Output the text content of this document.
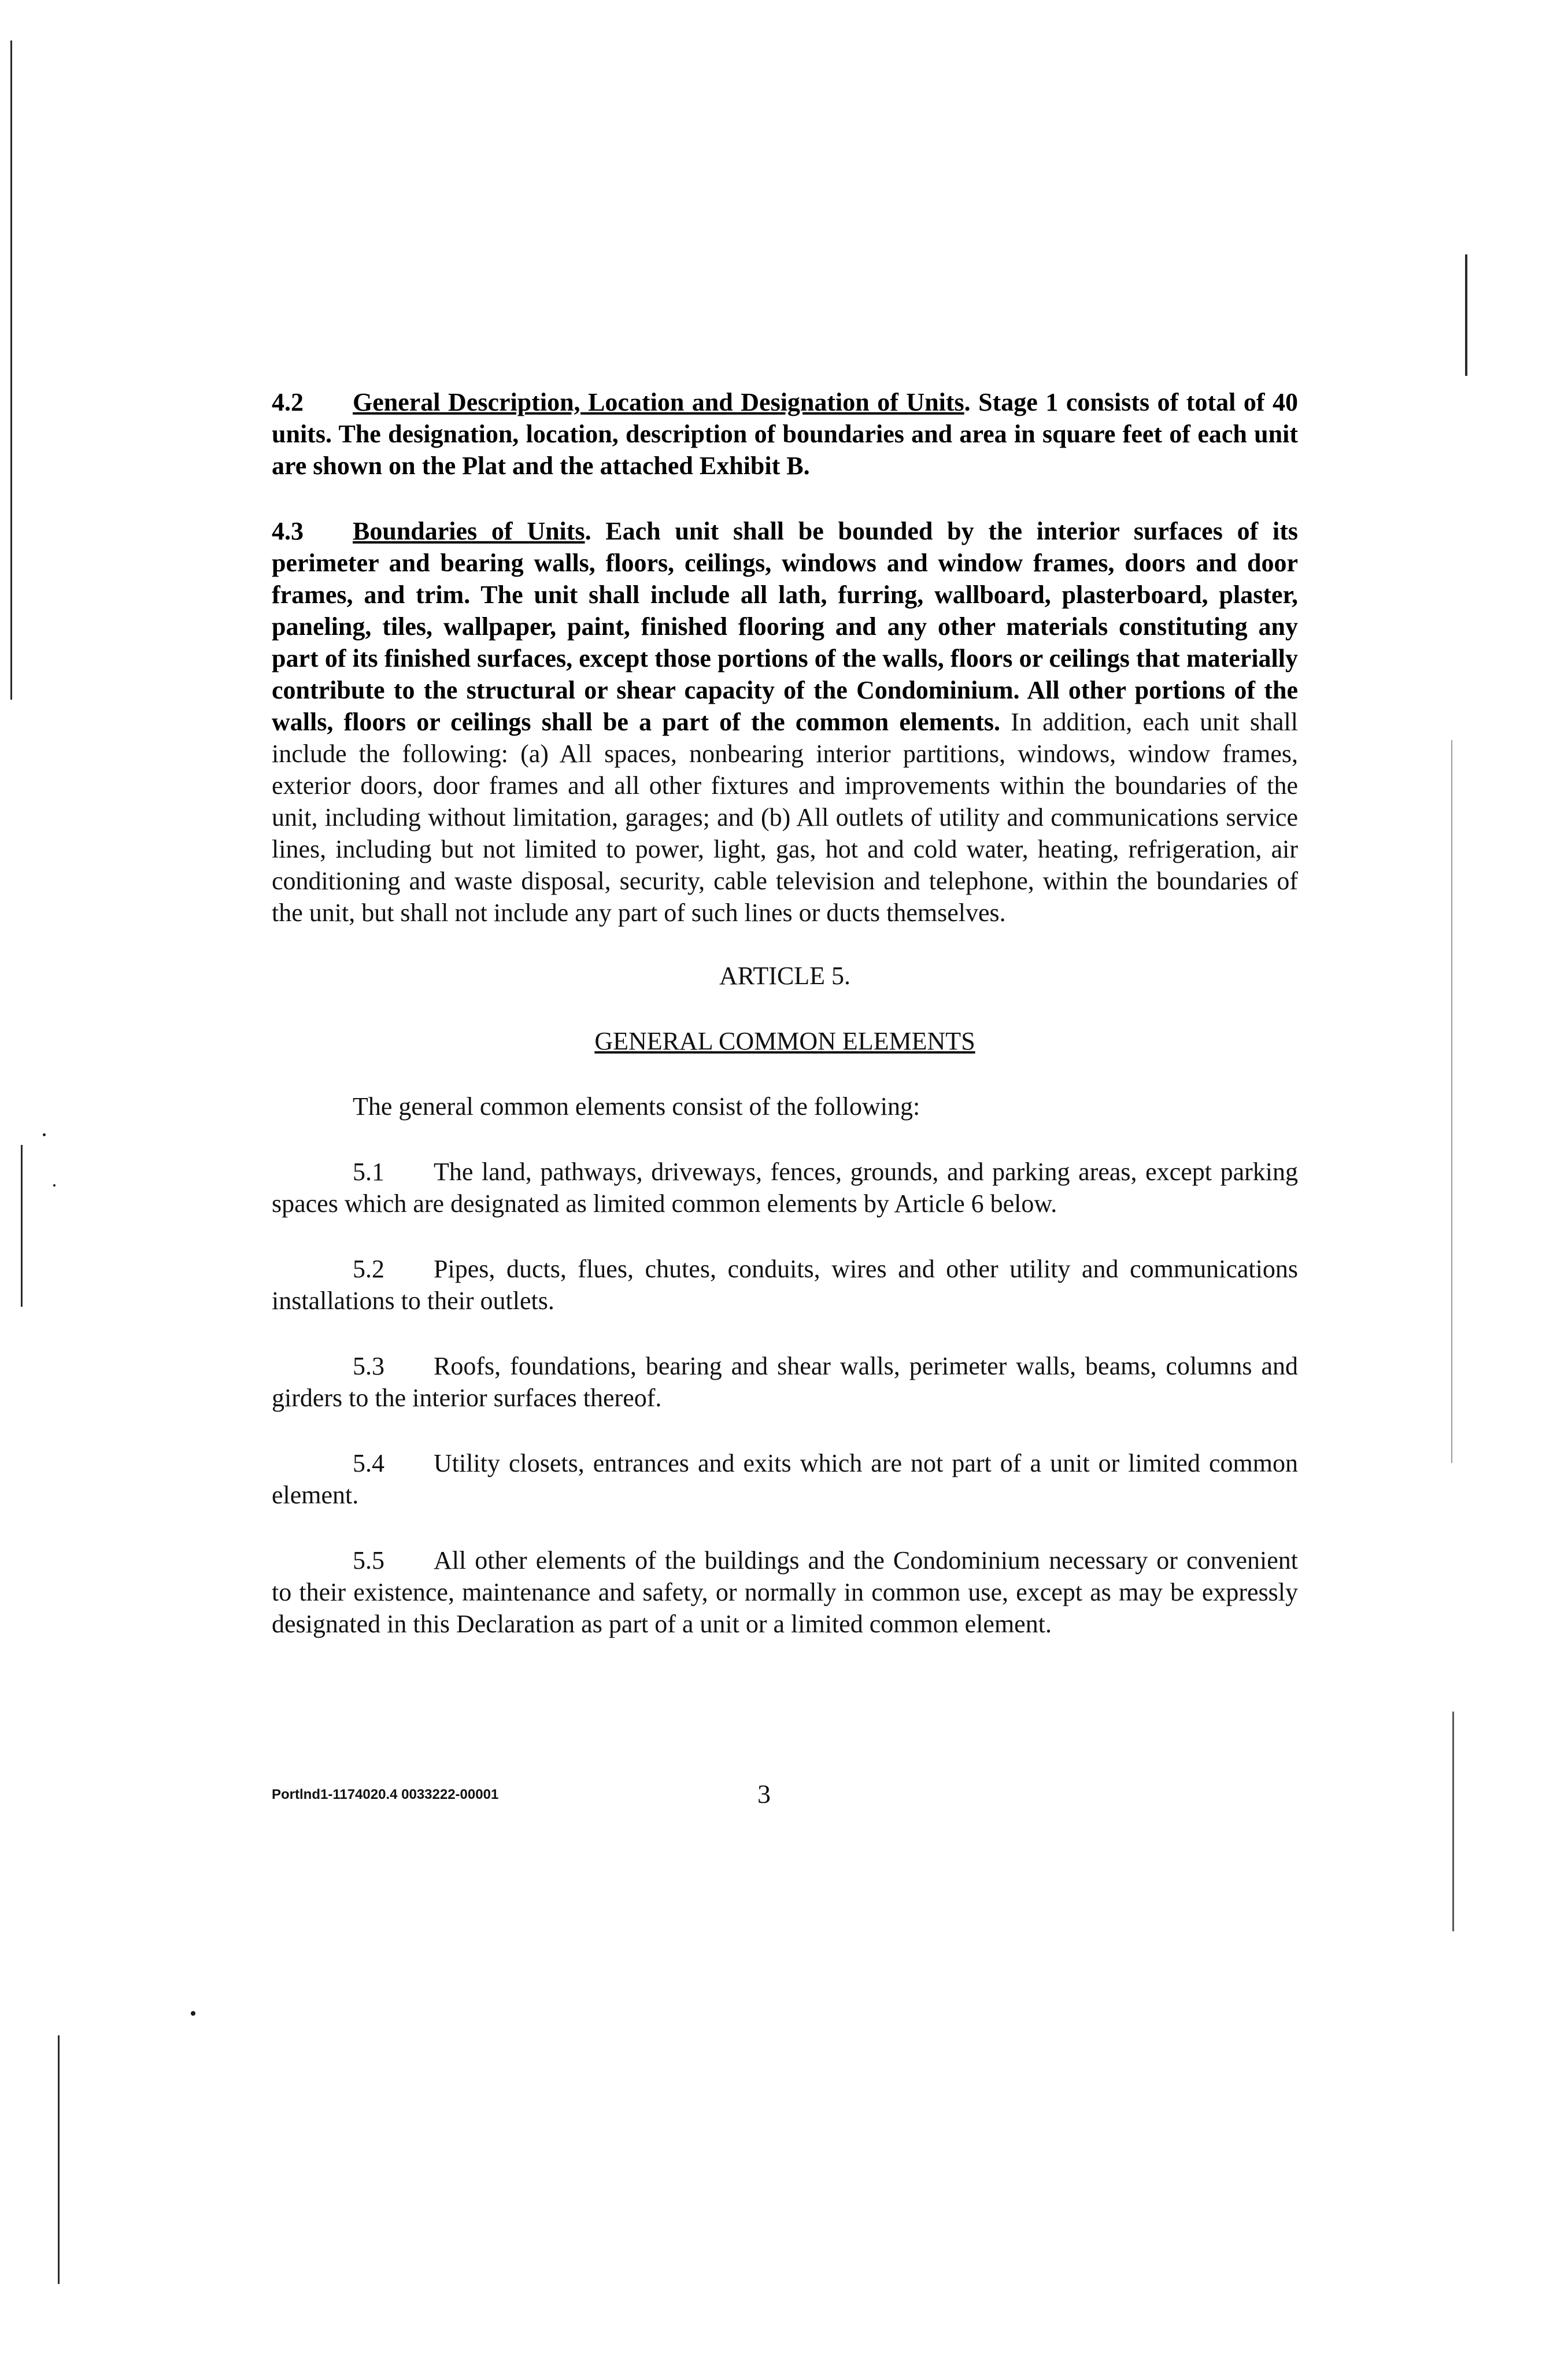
4.2 General Description, Location and Designation of Units. Stage 1 consists of total of 40 units. The designation, location, description of boundaries and area in square feet of each unit are shown on the Plat and the attached Exhibit B.

4.3 Boundaries of Units. Each unit shall be bounded by the interior surfaces of its perimeter and bearing walls, floors, ceilings, windows and window frames, doors and door frames, and trim. The unit shall include all lath, furring, wallboard, plasterboard, plaster, paneling, tiles, wallpaper, paint, finished flooring and any other materials constituting any part of its finished surfaces, except those portions of the walls, floors or ceilings that materially contribute to the structural or shear capacity of the Condominium. All other portions of the walls, floors or ceilings shall be a part of the common elements. In addition, each unit shall include the following: (a) All spaces, nonbearing interior partitions, windows, window frames, exterior doors, door frames and all other fixtures and improvements within the boundaries of the unit, including without limitation, garages; and (b) All outlets of utility and communications service lines, including but not limited to power, light, gas, hot and cold water, heating, refrigeration, air conditioning and waste disposal, security, cable television and telephone, within the boundaries of the unit, but shall not include any part of such lines or ducts themselves.

ARTICLE 5.

GENERAL COMMON ELEMENTS

The general common elements consist of the following:

5.1 The land, pathways, driveways, fences, grounds, and parking areas, except parking spaces which are designated as limited common elements by Article 6 below.

5.2 Pipes, ducts, flues, chutes, conduits, wires and other utility and communications installations to their outlets.

5.3 Roofs, foundations, bearing and shear walls, perimeter walls, beams, columns and girders to the interior surfaces thereof.

5.4 Utility closets, entrances and exits which are not part of a unit or limited common element.

5.5 All other elements of the buildings and the Condominium necessary or convenient to their existence, maintenance and safety, or normally in common use, except as may be expressly designated in this Declaration as part of a unit or a limited common element.

Portlnd1-1174020.4 0033222-00001	3
